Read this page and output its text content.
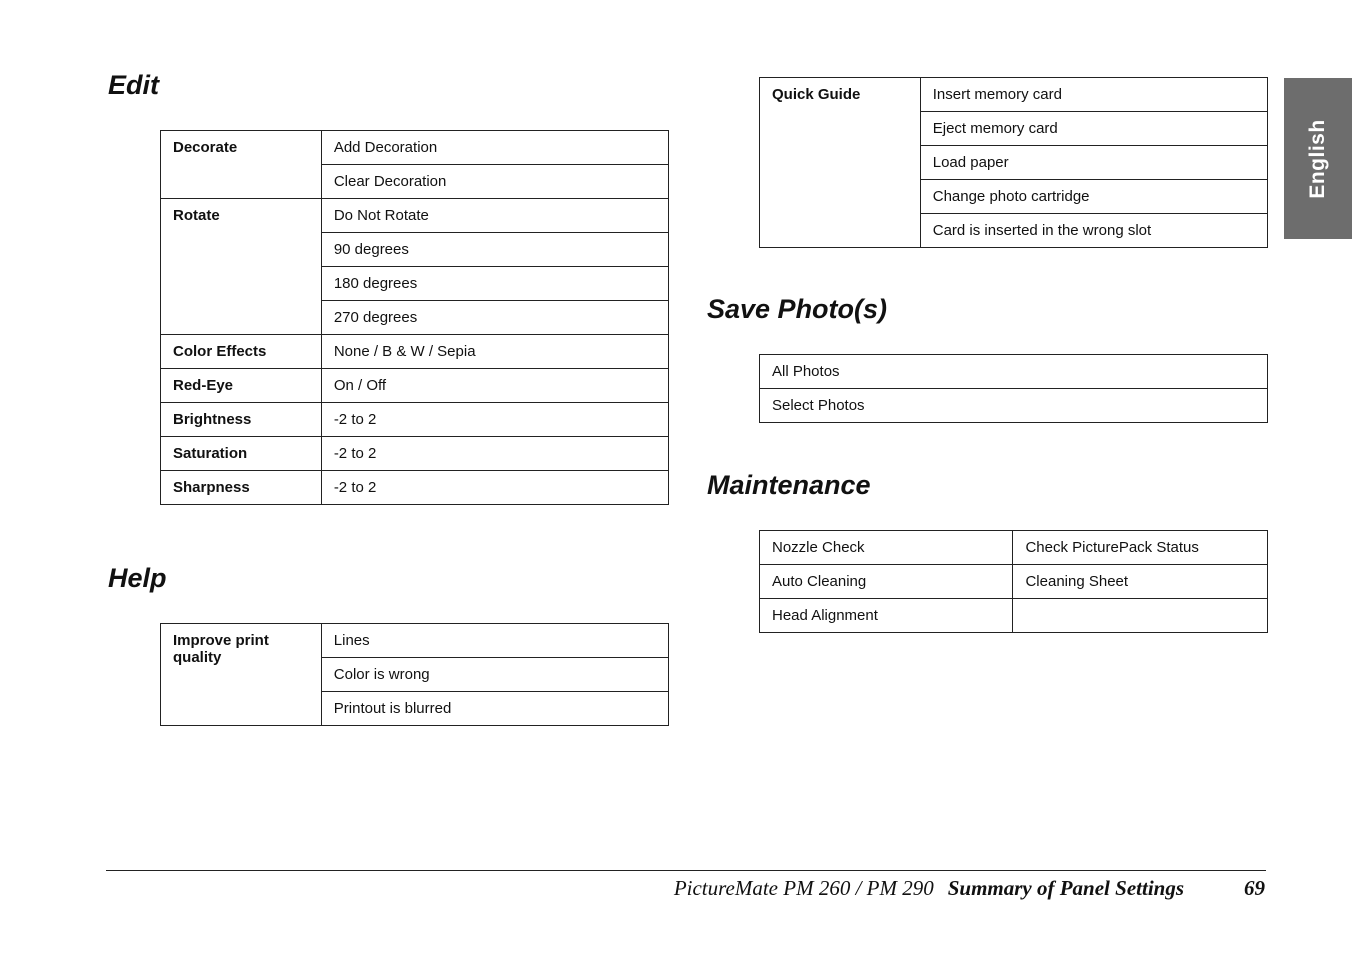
Edit
Help
Save Photo(s)
Maintenance
Decorate	Add Decoration
	Clear Decoration
Rotate	Do Not Rotate
	90 degrees
	180 degrees
	270 degrees
Color Effects	None / B & W / Sepia
Red-Eye	On / Off
Brightness	-2 to 2
Saturation	-2 to 2
Sharpness	-2 to 2
Improve print quality	Lines
Color is wrong
Printout is blurred
Quick Guide	Insert memory card
Eject memory card
Load paper
Change photo cartridge
Card is inserted in the wrong slot
All Photos
Select Photos
Nozzle Check	Check PicturePack Status
Auto Cleaning	Cleaning Sheet
Head Alignment	
English
PictureMate PM 260 / PM 290 Summary of Panel Settings	69
